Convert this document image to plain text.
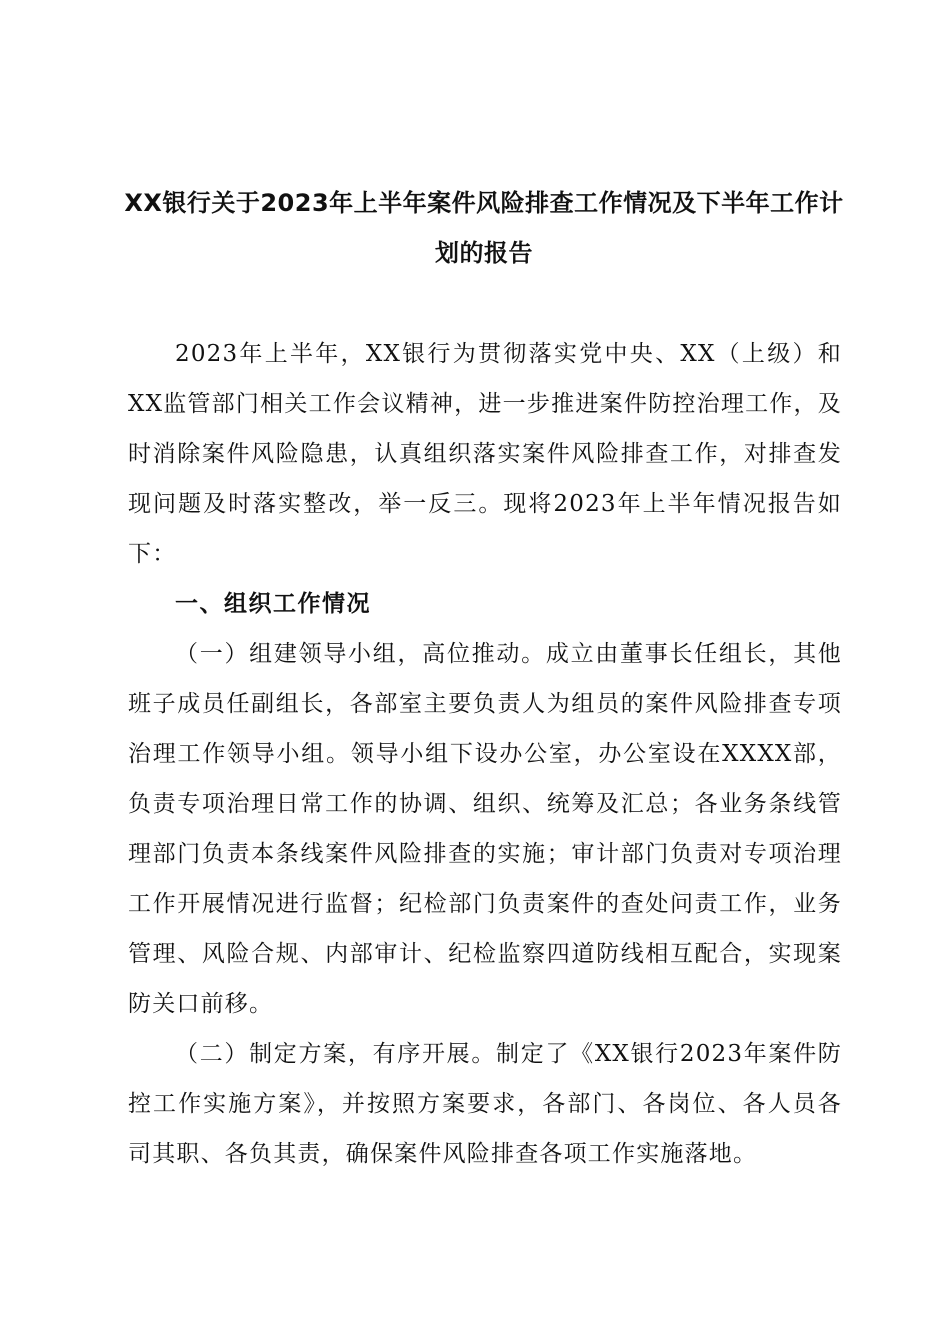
XX银行关于2023年上半年案件风险排查工作情况及下半年工作计划的报告

2023年上半年，XX银行为贯彻落实党中央、XX（上级）和XX监管部门相关工作会议精神，进一步推进案件防控治理工作，及时消除案件风险隐患，认真组织落实案件风险排查工作，对排查发现问题及时落实整改，举一反三。现将2023年上半年情况报告如下：

一、组织工作情况

（一）组建领导小组，高位推动。成立由董事长任组长，其他班子成员任副组长，各部室主要负责人为组员的案件风险排查专项治理工作领导小组。领导小组下设办公室，办公室设在XXXX部，负责专项治理日常工作的协调、组织、统筹及汇总；各业务条线管理部门负责本条线案件风险排查的实施；审计部门负责对专项治理工作开展情况进行监督；纪检部门负责案件的查处问责工作，业务管理、风险合规、内部审计、纪检监察四道防线相互配合，实现案防关口前移。

（二）制定方案，有序开展。制定了《XX银行2023年案件防控工作实施方案》，并按照方案要求，各部门、各岗位、各人员各司其职、各负其责，确保案件风险排查各项工作实施落地。
